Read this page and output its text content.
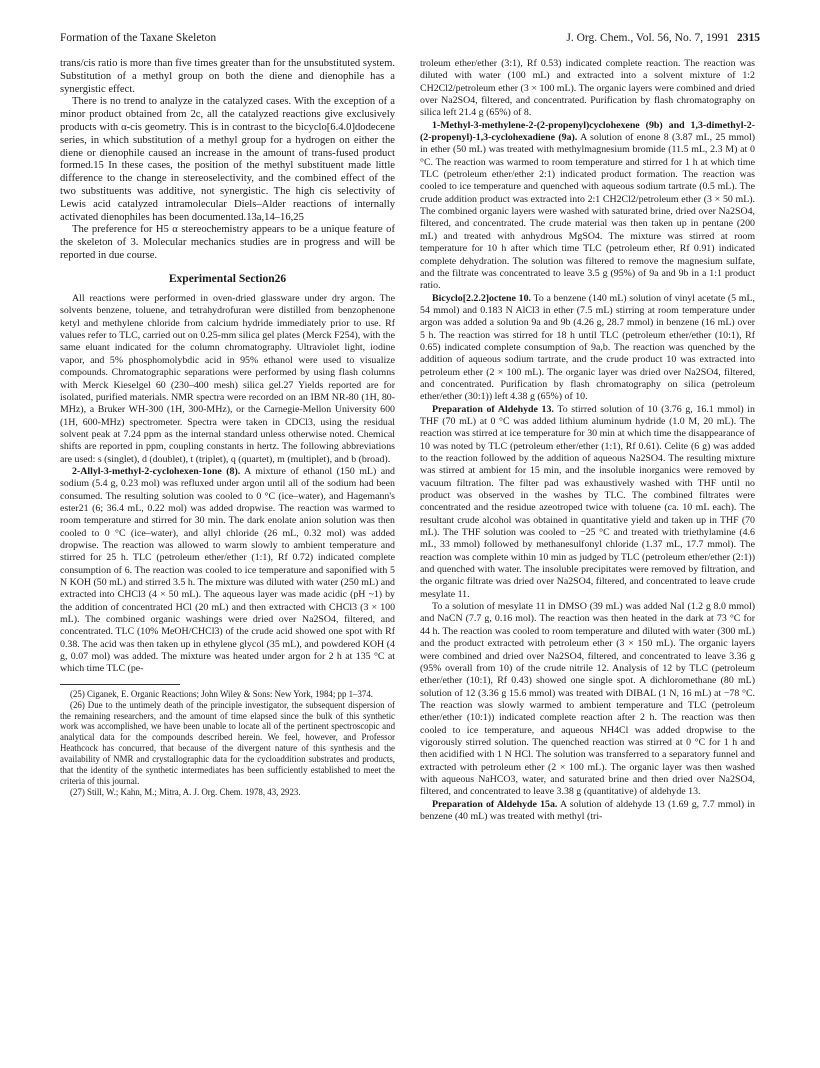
Formation of the Taxane Skeleton	J. Org. Chem., Vol. 56, No. 7, 1991 2315

trans/cis ratio is more than five times greater than for the unsubstituted system. Substitution of a methyl group on both the diene and dienophile has a synergistic effect.

There is no trend to analyze in the catalyzed cases. With the exception of a minor product obtained from 2c, all the catalyzed reactions give exclusively products with α-cis geometry. This is in contrast to the bicyclo[6.4.0]dodecene series, in which substitution of a methyl group for a hydrogen on either the diene or dienophile caused an increase in the amount of trans-fused product formed.15 In these cases, the position of the methyl substituent made little difference to the change in stereoselectivity, and the combined effect of the two substituents was additive, not synergistic. The high cis selectivity of Lewis acid catalyzed intramolecular Diels–Alder reactions of internally activated dienophiles has been documented.13a,14–16,25

The preference for H5 α stereochemistry appears to be a unique feature of the skeleton of 3. Molecular mechanics studies are in progress and will be reported in due course.

Experimental Section26

All reactions were performed in oven-dried glassware under dry argon. The solvents benzene, toluene, and tetrahydrofuran were distilled from benzophenone ketyl and methylene chloride from calcium hydride immediately prior to use. Rf values refer to TLC, carried out on 0.25-mm silica gel plates (Merck F254), with the same eluant indicated for the column chromatography. Ultraviolet light, iodine vapor, and 5% phosphomolybdic acid in 95% ethanol were used to visualize compounds. Chromatographic separations were performed by using flash columns with Merck Kieselgel 60 (230–400 mesh) silica gel.27 Yields reported are for isolated, purified materials. NMR spectra were recorded on an IBM NR-80 (1H, 80-MHz), a Bruker WH-300 (1H, 300-MHz), or the Carnegie-Mellon University 600 (1H, 600-MHz) spectrometer. Spectra were taken in CDCl3, using the residual solvent peak at 7.24 ppm as the internal standard unless otherwise noted. Chemical shifts are reported in ppm, coupling constants in hertz. The following abbreviations are used: s (singlet), d (doublet), t (triplet), q (quartet), m (multiplet), and b (broad).

2-Allyl-3-methyl-2-cyclohexen-1one (8). A mixture of ethanol (150 mL) and sodium (5.4 g, 0.23 mol) was refluxed under argon until all of the sodium had been consumed. The resulting solution was cooled to 0 °C (ice–water), and Hagemann's ester21 (6; 36.4 mL, 0.22 mol) was added dropwise. The reaction was warmed to room temperature and stirred for 30 min. The dark enolate anion solution was then cooled to 0 °C (ice–water), and allyl chloride (26 mL, 0.32 mol) was added dropwise. The reaction was allowed to warm slowly to ambient temperature and stirred for 25 h. TLC (petroleum ether/ether (1:1), Rf 0.72) indicated complete consumption of 6. The reaction was cooled to ice temperature and saponified with 5 N KOH (50 mL) and stirred 3.5 h. The mixture was diluted with water (250 mL) and extracted into CHCl3 (4 × 50 mL). The aqueous layer was made acidic (pH ~1) by the addition of concentrated HCl (20 mL) and then extracted with CHCl3 (3 × 100 mL). The combined organic washings were dried over Na2SO4, filtered, and concentrated. TLC (10% MeOH/CHCl3) of the crude acid showed one spot with Rf 0.38. The acid was then taken up in ethylene glycol (35 mL), and powdered KOH (4 g, 0.07 mol) was added. The mixture was heated under argon for 2 h at 135 °C at which time TLC (pe-

(25) Ciganek, E. Organic Reactions; John Wiley & Sons: New York, 1984; pp 1–374.

(26) Due to the untimely death of the principle investigator, the subsequent dispersion of the remaining researchers, and the amount of time elapsed since the bulk of this synthetic work was accomplished, we have been unable to locate all of the pertinent spectroscopic and analytical data for the compounds described herein. We feel, however, and Professor Heathcock has concurred, that because of the divergent nature of this synthesis and the availability of NMR and crystallographic data for the cycloaddition substrates and products, that the identity of the synthetic intermediates has been sufficiently established to meet the criteria of this journal.

(27) Still, W.; Kahn, M.; Mitra, A. J. Org. Chem. 1978, 43, 2923.

troleum ether/ether (3:1), Rf 0.53) indicated complete reaction. The reaction was diluted with water (100 mL) and extracted into a solvent mixture of 1:2 CH2Cl2/petroleum ether (3 × 100 mL). The organic layers were combined and dried over Na2SO4, filtered, and concentrated. Purification by flash chromatography on silica left 21.4 g (65%) of 8.

1-Methyl-3-methylene-2-(2-propenyl)cyclohexene (9b) and 1,3-dimethyl-2-(2-propenyl)-1,3-cyclohexadiene (9a). A solution of enone 8 (3.87 mL, 25 mmol) in ether (50 mL) was treated with methylmagnesium bromide (11.5 mL, 2.3 M) at 0 °C. The reaction was warmed to room temperature and stirred for 1 h at which time TLC (petroleum ether/ether 2:1) indicated product formation. The reaction was cooled to ice temperature and quenched with aqueous sodium tartrate (0.5 mL). The crude addition product was extracted into 2:1 CH2Cl2/petroleum ether (3 × 50 mL). The combined organic layers were washed with saturated brine, dried over Na2SO4, filtered, and concentrated. The crude material was then taken up in pentane (200 mL) and treated with anhydrous MgSO4. The mixture was stirred at room temperature for 10 h after which time TLC (petroleum ether, Rf 0.91) indicated complete dehydration. The solution was filtered to remove the magnesium sulfate, and the filtrate was concentrated to leave 3.5 g (95%) of 9a and 9b in a 1:1 product ratio.

Bicyclo[2.2.2]octene 10. To a benzene (140 mL) solution of vinyl acetate (5 mL, 54 mmol) and 0.183 N AlCl3 in ether (7.5 mL) stirring at room temperature under argon was added a solution 9a and 9b (4.26 g, 28.7 mmol) in benzene (16 mL) over 5 h. The reaction was stirred for 18 h until TLC (petroleum ether/ether (10:1), Rf 0.65) indicated complete consumption of 9a,b. The reaction was quenched by the addition of aqueous sodium tartrate, and the crude product 10 was extracted into petroleum ether (2 × 100 mL). The organic layer was dried over Na2SO4, filtered, and concentrated. Purification by flash chromatography on silica (petroleum ether/ether (30:1)) left 4.38 g (65%) of 10.

Preparation of Aldehyde 13. To stirred solution of 10 (3.76 g, 16.1 mmol) in THF (70 mL) at 0 °C was added lithium aluminum hydride (1.0 M, 20 mL). The reaction was stirred at ice temperature for 30 min at which time the disappearance of 10 was noted by TLC (petroleum ether/ether (1:1), Rf 0.61). Celite (6 g) was added to the reaction followed by the addition of aqueous Na2SO4. The resulting mixture was stirred at ambient for 15 min, and the insoluble inorganics were removed by vacuum filtration. The filter pad was exhaustively washed with THF until no product was observed in the washes by TLC. The combined filtrates were concentrated and the residue azeotroped twice with toluene (ca. 10 mL each). The resultant crude alcohol was obtained in quantitative yield and taken up in THF (70 mL). The THF solution was cooled to −25 °C and treated with triethylamine (4.6 mL, 33 mmol) followed by methanesulfonyl chloride (1.37 mL, 17.7 mmol). The reaction was complete within 10 min as judged by TLC (petroleum ether/ether (2:1)) and quenched with water. The insoluble precipitates were removed by filtration, and the organic filtrate was dried over Na2SO4, filtered, and concentrated to leave crude mesylate 11.

To a solution of mesylate 11 in DMSO (39 mL) was added NaI (1.2 g 8.0 mmol) and NaCN (7.7 g, 0.16 mol). The reaction was then heated in the dark at 73 °C for 44 h. The reaction was cooled to room temperature and diluted with water (300 mL) and the product extracted with petroleum ether (3 × 150 mL). The organic layers were combined and dried over Na2SO4, filtered, and concentrated to leave 3.36 g (95% overall from 10) of the crude nitrile 12. Analysis of 12 by TLC (petroleum ether/ether (10:1), Rf 0.43) showed one single spot. A dichloromethane (80 mL) solution of 12 (3.36 g 15.6 mmol) was treated with DIBAL (1 N, 16 mL) at −78 °C. The reaction was slowly warmed to ambient temperature and TLC (petroleum ether/ether (10:1)) indicated complete reaction after 2 h. The reaction was then cooled to ice temperature, and aqueous NH4Cl was added dropwise to the vigorously stirred solution. The quenched reaction was stirred at 0 °C for 1 h and then acidified with 1 N HCl. The solution was transferred to a separatory funnel and extracted with petroleum ether (2 × 100 mL). The organic layer was then washed with aqueous NaHCO3, water, and saturated brine and then dried over Na2SO4, filtered, and concentrated to leave 3.38 g (quantitative) of aldehyde 13.

Preparation of Aldehyde 15a. A solution of aldehyde 13 (1.69 g, 7.7 mmol) in benzene (40 mL) was treated with methyl (tri-
